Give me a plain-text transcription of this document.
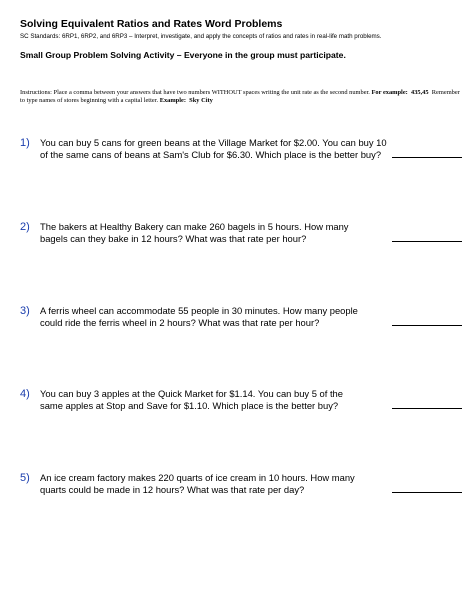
Solving Equivalent Ratios and Rates Word Problems
SC Standards: 6RP1, 6RP2, and 6RP3 – Interpret, investigate, and apply the concepts of ratios and rates in real-life math problems.
Small Group Problem Solving Activity – Everyone in the group must participate.
Instructions: Place a comma between your answers that have two numbers WITHOUT spaces writing the unit rate as the second number. For example: 435,45 Remember to type names of stores beginning with a capital letter. Example: Sky City
1) You can buy 5 cans for green beans at the Village Market for $2.00. You can buy 10
of the same cans of beans at Sam's Club for $6.30. Which place is the better buy?
2) The bakers at Healthy Bakery can make 260 bagels in 5 hours. How many
bagels can they bake in 12 hours? What was that rate per hour?
3) A ferris wheel can accommodate 55 people in 30 minutes. How many people
could ride the ferris wheel in 2 hours? What was that rate per hour?
4) You can buy 3 apples at the Quick Market for $1.14. You can buy 5 of the
same apples at Stop and Save for $1.10. Which place is the better buy?
5) An ice cream factory makes 220 quarts of ice cream in 10 hours. How many
quarts could be made in 12 hours? What was that rate per day?
